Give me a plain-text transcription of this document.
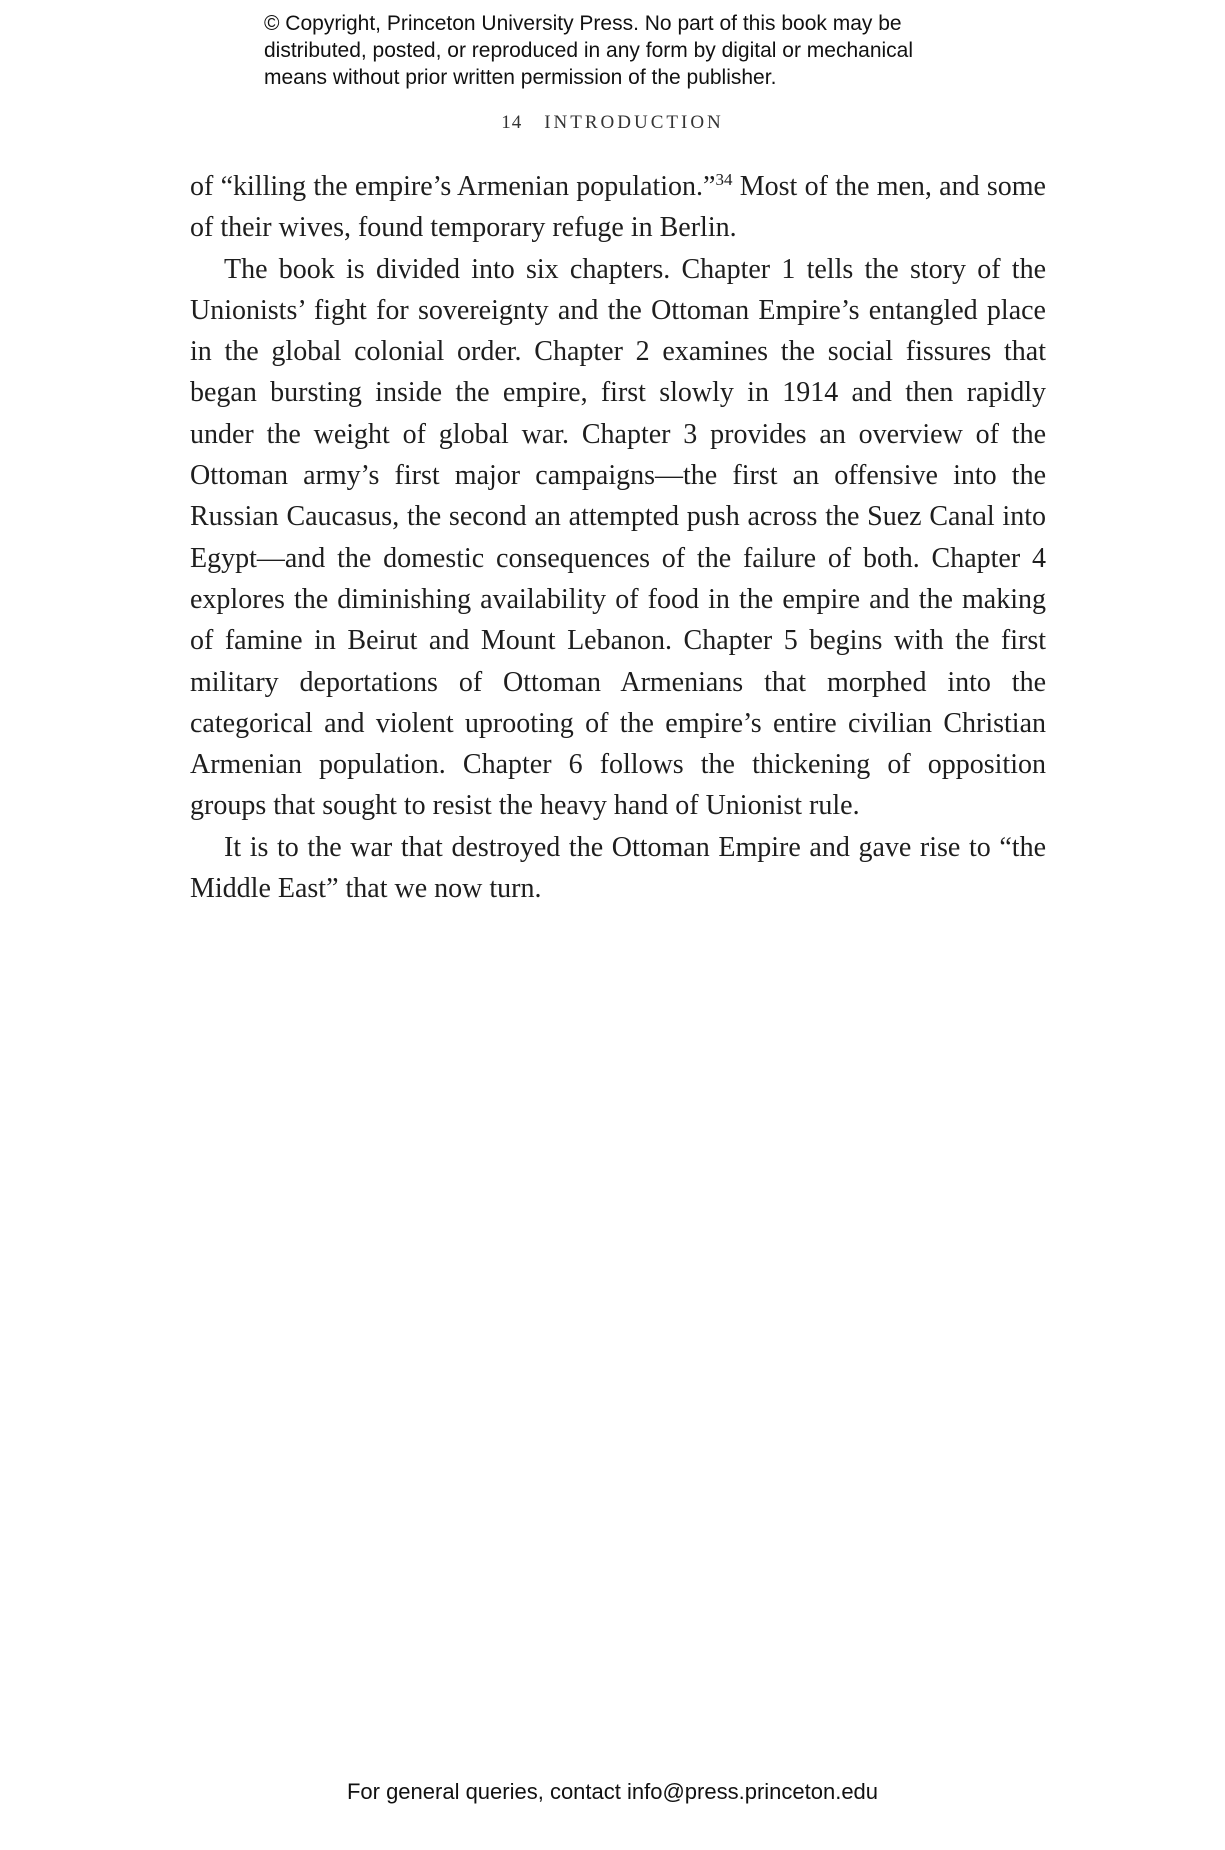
© Copyright, Princeton University Press. No part of this book may be
distributed, posted, or reproduced in any form by digital or mechanical
means without prior written permission of the publisher.
14 INTRODUCTION

of “killing the empire’s Armenian population.”$^{34}$ Most of the men, and some of their wives, found temporary refuge in Berlin.

The book is divided into six chapters. Chapter 1 tells the story of the Unionists’ fight for sovereignty and the Ottoman Empire’s entangled place in the global colonial order. Chapter 2 examines the social fissures that began bursting inside the empire, first slowly in 1914 and then rapidly under the weight of global war. Chapter 3 provides an overview of the Ottoman army’s first major campaigns—the first an offensive into the Russian Caucasus, the second an attempted push across the Suez Canal into Egypt—and the domestic consequences of the failure of both. Chapter 4 explores the diminishing availability of food in the empire and the making of famine in Beirut and Mount Lebanon. Chapter 5 begins with the first military deportations of Ottoman Armenians that morphed into the categorical and violent uprooting of the empire’s entire civilian Christian Armenian population. Chapter 6 follows the thickening of opposition groups that sought to resist the heavy hand of Unionist rule.

It is to the war that destroyed the Ottoman Empire and gave rise to “the Middle East” that we now turn.

For general queries, contact info@press.princeton.edu
